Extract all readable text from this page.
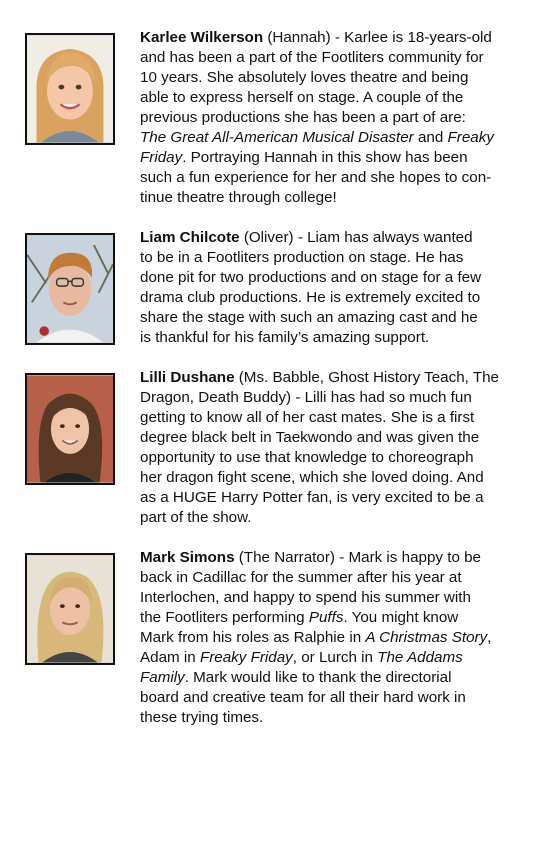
Karlee Wilkerson (Hannah) - Karlee is 18-years-old
and has been a part of the Footliters community for
10 years. She absolutely loves theatre and being
able to express herself on stage. A couple of the
previous productions she has been a part of are:
The Great All-American Musical Disaster and Freaky
Friday. Portraying Hannah in this show has been
such a fun experience for her and she hopes to con-
tinue theatre through college!

Liam Chilcote (Oliver) - Liam has always wanted
to be in a Footliters production on stage. He has
done pit for two productions and on stage for a few
drama club productions. He is extremely excited to
share the stage with such an amazing cast and he
is thankful for his family’s amazing support.

Lilli Dushane (Ms. Babble, Ghost History Teach, The
Dragon, Death Buddy) - Lilli has had so much fun
getting to know all of her cast mates. She is a first
degree black belt in Taekwondo and was given the
opportunity to use that knowledge to choreograph
her dragon fight scene, which she loved doing. And
as a HUGE Harry Potter fan, is very excited to be a
part of the show.

Mark Simons (The Narrator) - Mark is happy to be
back in Cadillac for the summer after his year at
Interlochen, and happy to spend his summer with
the Footliters performing Puffs. You might know
Mark from his roles as Ralphie in A Christmas Story,
Adam in Freaky Friday, or Lurch in The Addams
Family. Mark would like to thank the directorial
board and creative team for all their hard work in
these trying times.
